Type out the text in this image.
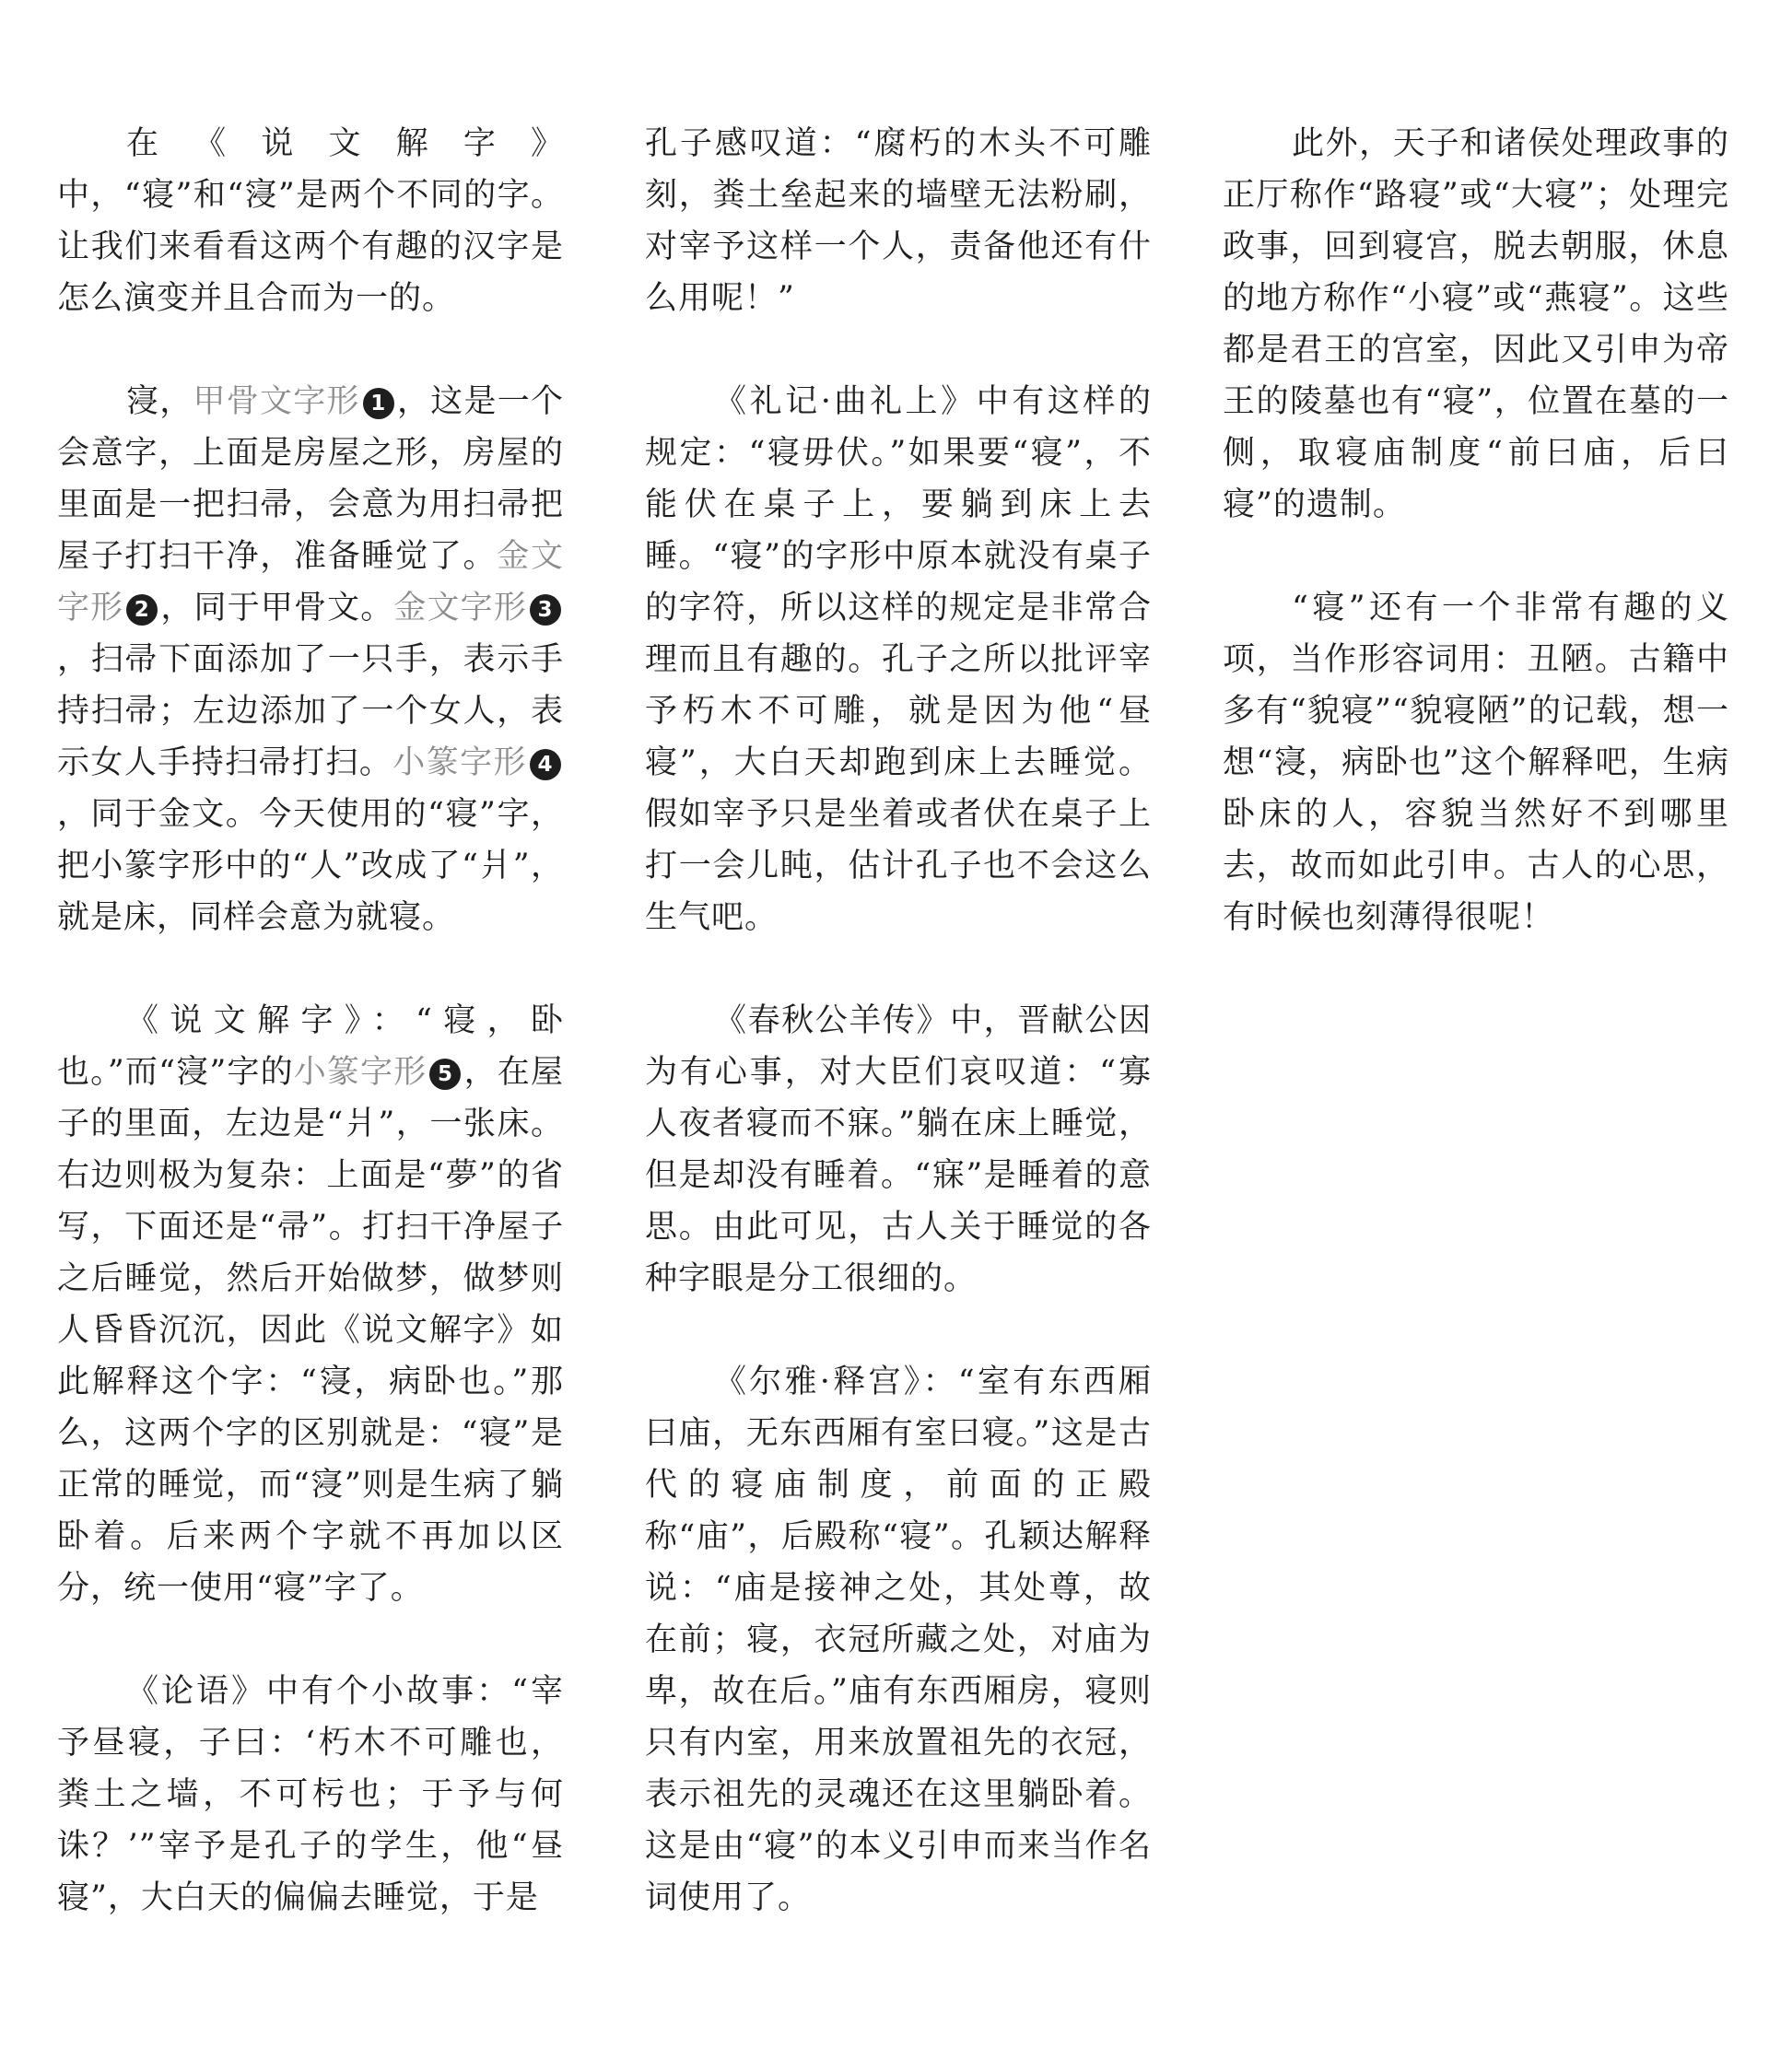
在《说文解字》中，“寝”和“寖”是两个不同的字。让我们来看看这两个有趣的汉字是怎么演变并且合而为一的。

寖，甲骨文字形 1 ，这是一个会意字，上面是房屋之形，房屋的里面是一把扫帚，会意为用扫帚把屋子打扫干净，准备睡觉了。金文字形 2 ，同于甲骨文。金文字形 3，扫帚下面添加了一只手，表示手持扫帚；左边添加了一个女人，表示女人手持扫帚打扫。小篆字形 4，同于金文。今天使用的“寝”字，把小篆字形中的“人”改成了“爿”，就是床，同样会意为就寝。

《说文解字》：“寝，卧也。”而“寖”字的小篆字形 5 ，在屋子的里面，左边是“爿”，一张床。右边则极为复杂：上面是“夢”的省写，下面还是“帚”。打扫干净屋子之后睡觉，然后开始做梦，做梦则人昏昏沉沉，因此《说文解字》如此解释这个字：“寖，病卧也。”那么，这两个字的区别就是：“寝”是正常的睡觉，而“寖”则是生病了躺卧着。后来两个字就不再加以区分，统一使用“寝”字了。

《论语》中有个小故事：“宰予昼寝，子曰：‘朽木不可雕也，粪土之墙，不可杇也；于予与何诛？’”宰予是孔子的学生，他“昼寝”，大白天的偏偏去睡觉，于是

孔子感叹道：“腐朽的木头不可雕刻，粪土垒起来的墙壁无法粉刷，对宰予这样一个人，责备他还有什么用呢！”

《礼记·曲礼上》中有这样的规定：“寝毋伏。”如果要“寝”，不能伏在桌子上，要躺到床上去睡。“寝”的字形中原本就没有桌子的字符，所以这样的规定是非常合理而且有趣的。孔子之所以批评宰予朽木不可雕，就是因为他“昼寝”，大白天却跑到床上去睡觉。假如宰予只是坐着或者伏在桌子上打一会儿盹，估计孔子也不会这么生气吧。

《春秋公羊传》中，晋献公因为有心事，对大臣们哀叹道：“寡人夜者寝而不寐。”躺在床上睡觉，但是却没有睡着。“寐”是睡着的意思。由此可见，古人关于睡觉的各种字眼是分工很细的。

《尔雅·释宫》：“室有东西厢曰庙，无东西厢有室曰寝。”这是古代的寝庙制度，前面的正殿称“庙”，后殿称“寝”。孔颖达解释说：“庙是接神之处，其处尊，故在前；寝，衣冠所藏之处，对庙为卑，故在后。”庙有东西厢房，寝则只有内室，用来放置祖先的衣冠，表示祖先的灵魂还在这里躺卧着。这是由“寝”的本义引申而来当作名词使用了。

此外，天子和诸侯处理政事的正厅称作“路寝”或“大寝”；处理完政事，回到寝宫，脱去朝服，休息的地方称作“小寝”或“燕寝”。这些都是君王的宫室，因此又引申为帝王的陵墓也有“寝”，位置在墓的一侧，取寝庙制度“前曰庙，后曰寝”的遗制。

“寝”还有一个非常有趣的义项，当作形容词用：丑陋。古籍中多有“貌寝”“貌寝陋”的记载，想一想“寖，病卧也”这个解释吧，生病卧床的人，容貌当然好不到哪里去，故而如此引申。古人的心思，有时候也刻薄得很呢！
